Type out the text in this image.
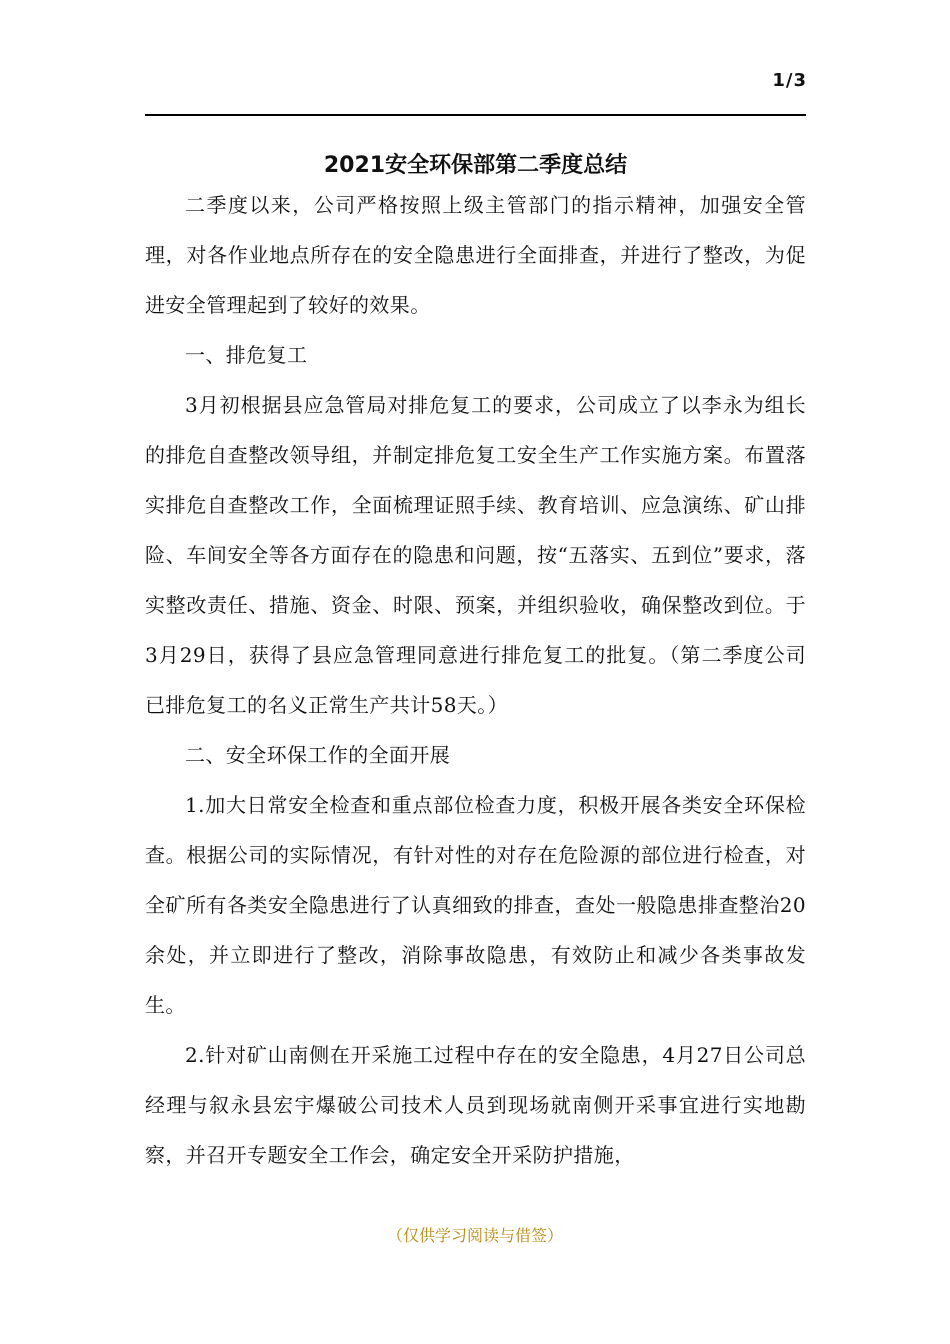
1/3
2021安全环保部第二季度总结

二季度以来，公司严格按照上级主管部门的指示精神，加强安全管理，对各作业地点所存在的安全隐患进行全面排查，并进行了整改，为促进安全管理起到了较好的效果。

一、排危复工

3月初根据县应急管局对排危复工的要求，公司成立了以李永为组长的排危自查整改领导组，并制定排危复工安全生产工作实施方案。布置落实排危自查整改工作，全面梳理证照手续、教育培训、应急演练、矿山排险、车间安全等各方面存在的隐患和问题，按“五落实、五到位”要求，落实整改责任、措施、资金、时限、预案，并组织验收，确保整改到位。于3月29日，获得了县应急管理同意进行排危复工的批复。（第二季度公司已排危复工的名义正常生产共计58天。）

二、安全环保工作的全面开展

1.加大日常安全检查和重点部位检查力度，积极开展各类安全环保检查。根据公司的实际情况，有针对性的对存在危险源的部位进行检查，对全矿所有各类安全隐患进行了认真细致的排查，查处一般隐患排查整治20余处，并立即进行了整改，消除事故隐患，有效防止和减少各类事故发生。

2.针对矿山南侧在开采施工过程中存在的安全隐患，4月27日公司总经理与叙永县宏宇爆破公司技术人员到现场就南侧开采事宜进行实地勘察，并召开专题安全工作会，确定安全开采防护措施，

（仅供学习阅读与借签）
